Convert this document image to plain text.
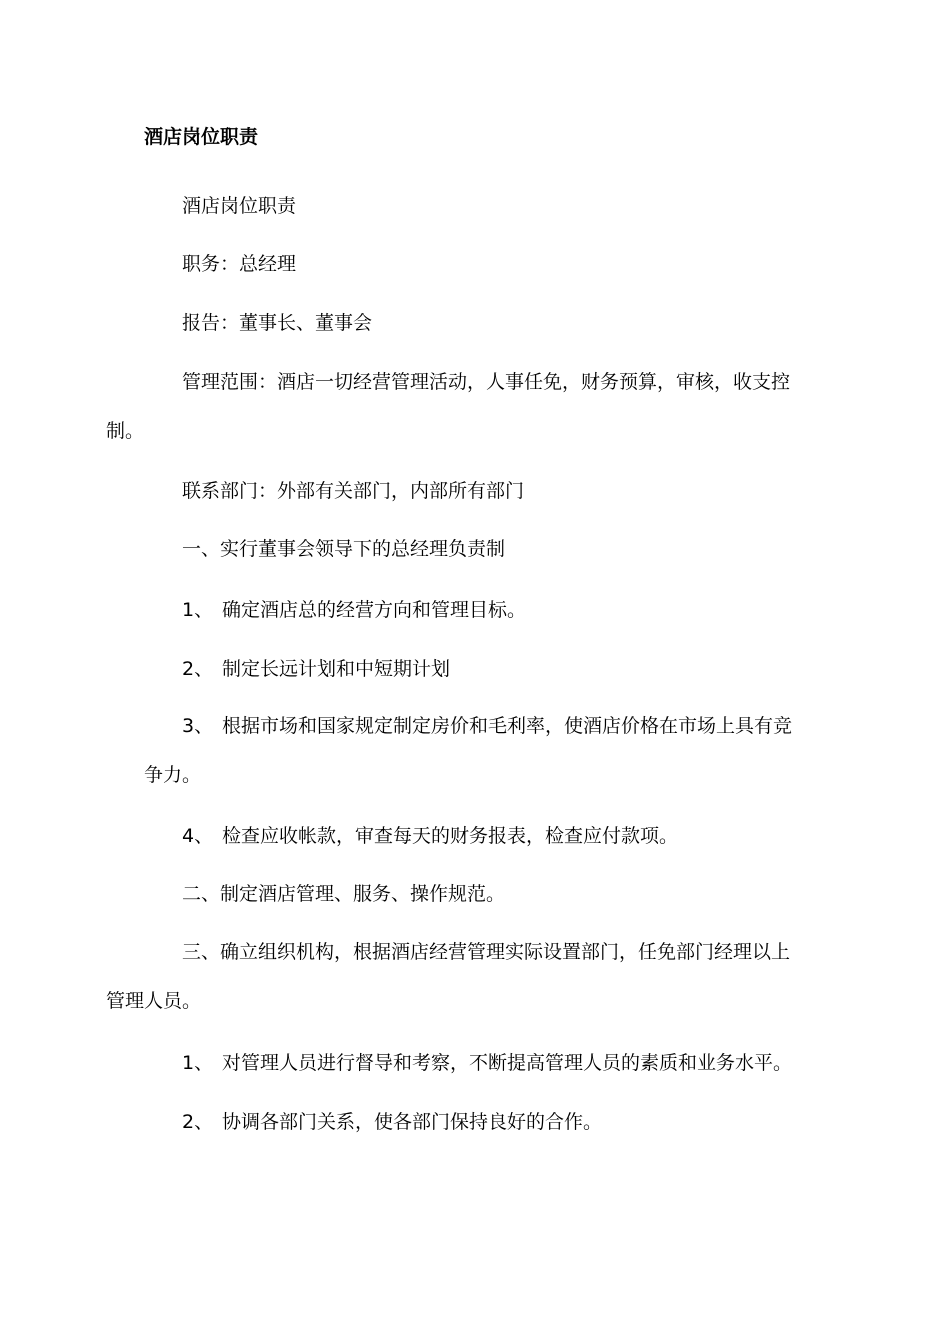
酒店岗位职责
酒店岗位职责
职务：总经理
报告：董事长、董事会
管理范围：酒店一切经营管理活动，人事任免，财务预算，审核，收支控
制。
联系部门：外部有关部门，内部所有部门
一、实行董事会领导下的总经理负责制
1、 确定酒店总的经营方向和管理目标。
2、 制定长远计划和中短期计划
3、 根据市场和国家规定制定房价和毛利率，使酒店价格在市场上具有竞
争力。
4、 检查应收帐款，审查每天的财务报表，检查应付款项。
二、制定酒店管理、服务、操作规范。
三、确立组织机构，根据酒店经营管理实际设置部门，任免部门经理以上
管理人员。
1、 对管理人员进行督导和考察，不断提高管理人员的素质和业务水平。
2、 协调各部门关系，使各部门保持良好的合作。
